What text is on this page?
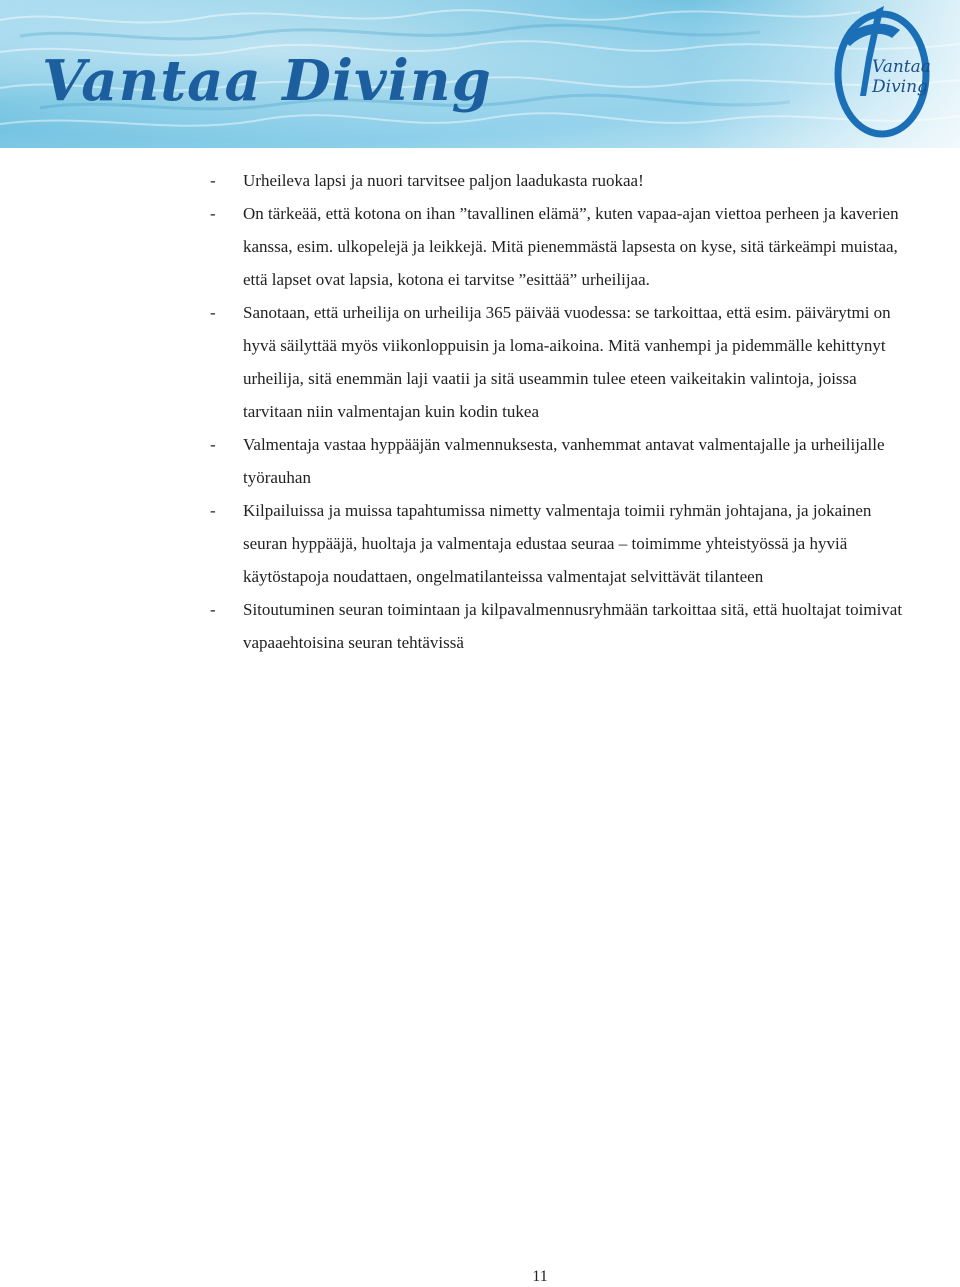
Vantaa Diving	Vantaa
Diving
- Urheileva lapsi ja nuori tarvitsee paljon laadukasta ruokaa!
- On tärkeää, että kotona on ihan ”tavallinen elämä”, kuten vapaa-ajan viettoa perheen ja kaverien kanssa, esim. ulkopelejä ja leikkejä. Mitä pienemmästä lapsesta on kyse, sitä tärkeämpi muistaa, että lapset ovat lapsia, kotona ei tarvitse ”esittää” urheilijaa.
- Sanotaan, että urheilija on urheilija 365 päivää vuodessa: se tarkoittaa, että esim. päivärytmi on hyvä säilyttää myös viikonloppuisin ja loma-aikoina. Mitä vanhempi ja pidemmälle kehittynyt urheilija, sitä enemmän laji vaatii ja sitä useammin tulee eteen vaikeitakin valintoja, joissa tarvitaan niin valmentajan kuin kodin tukea
- Valmentaja vastaa hyppääjän valmennuksesta, vanhemmat antavat valmentajalle ja urheilijalle työrauhan
- Kilpailuissa ja muissa tapahtumissa nimetty valmentaja toimii ryhmän johtajana, ja jokainen seuran hyppääjä, huoltaja ja valmentaja edustaa seuraa – toimimme yhteistyössä ja hyviä käytöstapoja noudattaen, ongelmatilanteissa valmentajat selvittävät tilanteen
- Sitoutuminen seuran toimintaan ja kilpavalmennusryhmään tarkoittaa sitä, että huoltajat toimivat vapaaehtoisina seuran tehtävissä
11
